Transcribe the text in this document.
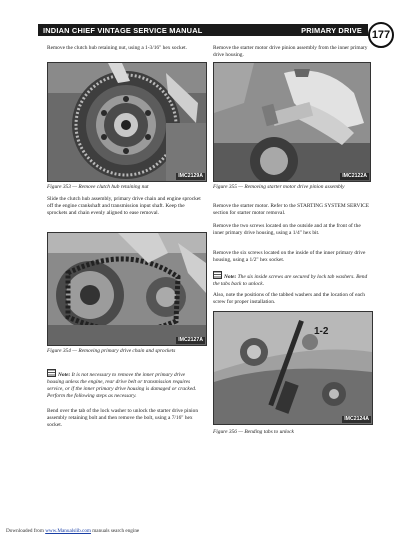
INDIAN CHIEF VINTAGE SERVICE MANUAL	PRIMARY DRIVE 177
Remove the clutch hub retaining nut, using a 1-3/16" hex socket.
IMC2129A
Figure 353 — Remove clutch hub retaining nut
Slide the clutch hub assembly, primary drive chain and engine sprocket off the engine crankshaft and transmission input shaft. Keep the sprockets and chain evenly aligned to ease removal.
IMC2127A
Figure 354 — Removing primary drive chain and sprockets
Note: It is not necessary to remove the inner primary drive housing unless the engine, rear drive belt or transmission requires service, or if the inner primary drive housing is damaged or cracked. Perform the following steps as necessary.
Bend over the tab of the lock washer to unlock the starter drive pinion assembly retaining bolt and then remove the bolt, using a 7/16" hex socket.
Remove the starter motor drive pinion assembly from the inner primary drive housing.
IMC2122A
Figure 355 — Removing starter motor drive pinion assembly
Remove the starter motor. Refer to the STARTING SYSTEM SERVICE section for starter motor removal.
Remove the two screws located on the outside and at the front of the inner primary drive housing, using a 1/4" hex bit.
Remove the six screws located on the inside of the inner primary drive housing, using a 1/2" hex socket.
Note: The six inside screws are secured by lock tab washers. Bend the tabs back to unlock.
Also, note the positions of the tabbed washers and the location of each screw for proper installation.
1-2
IMC2124A
Figure 356 — Bending tabs to unlock
Downloaded from www.Manualslib.com manuals search engine
